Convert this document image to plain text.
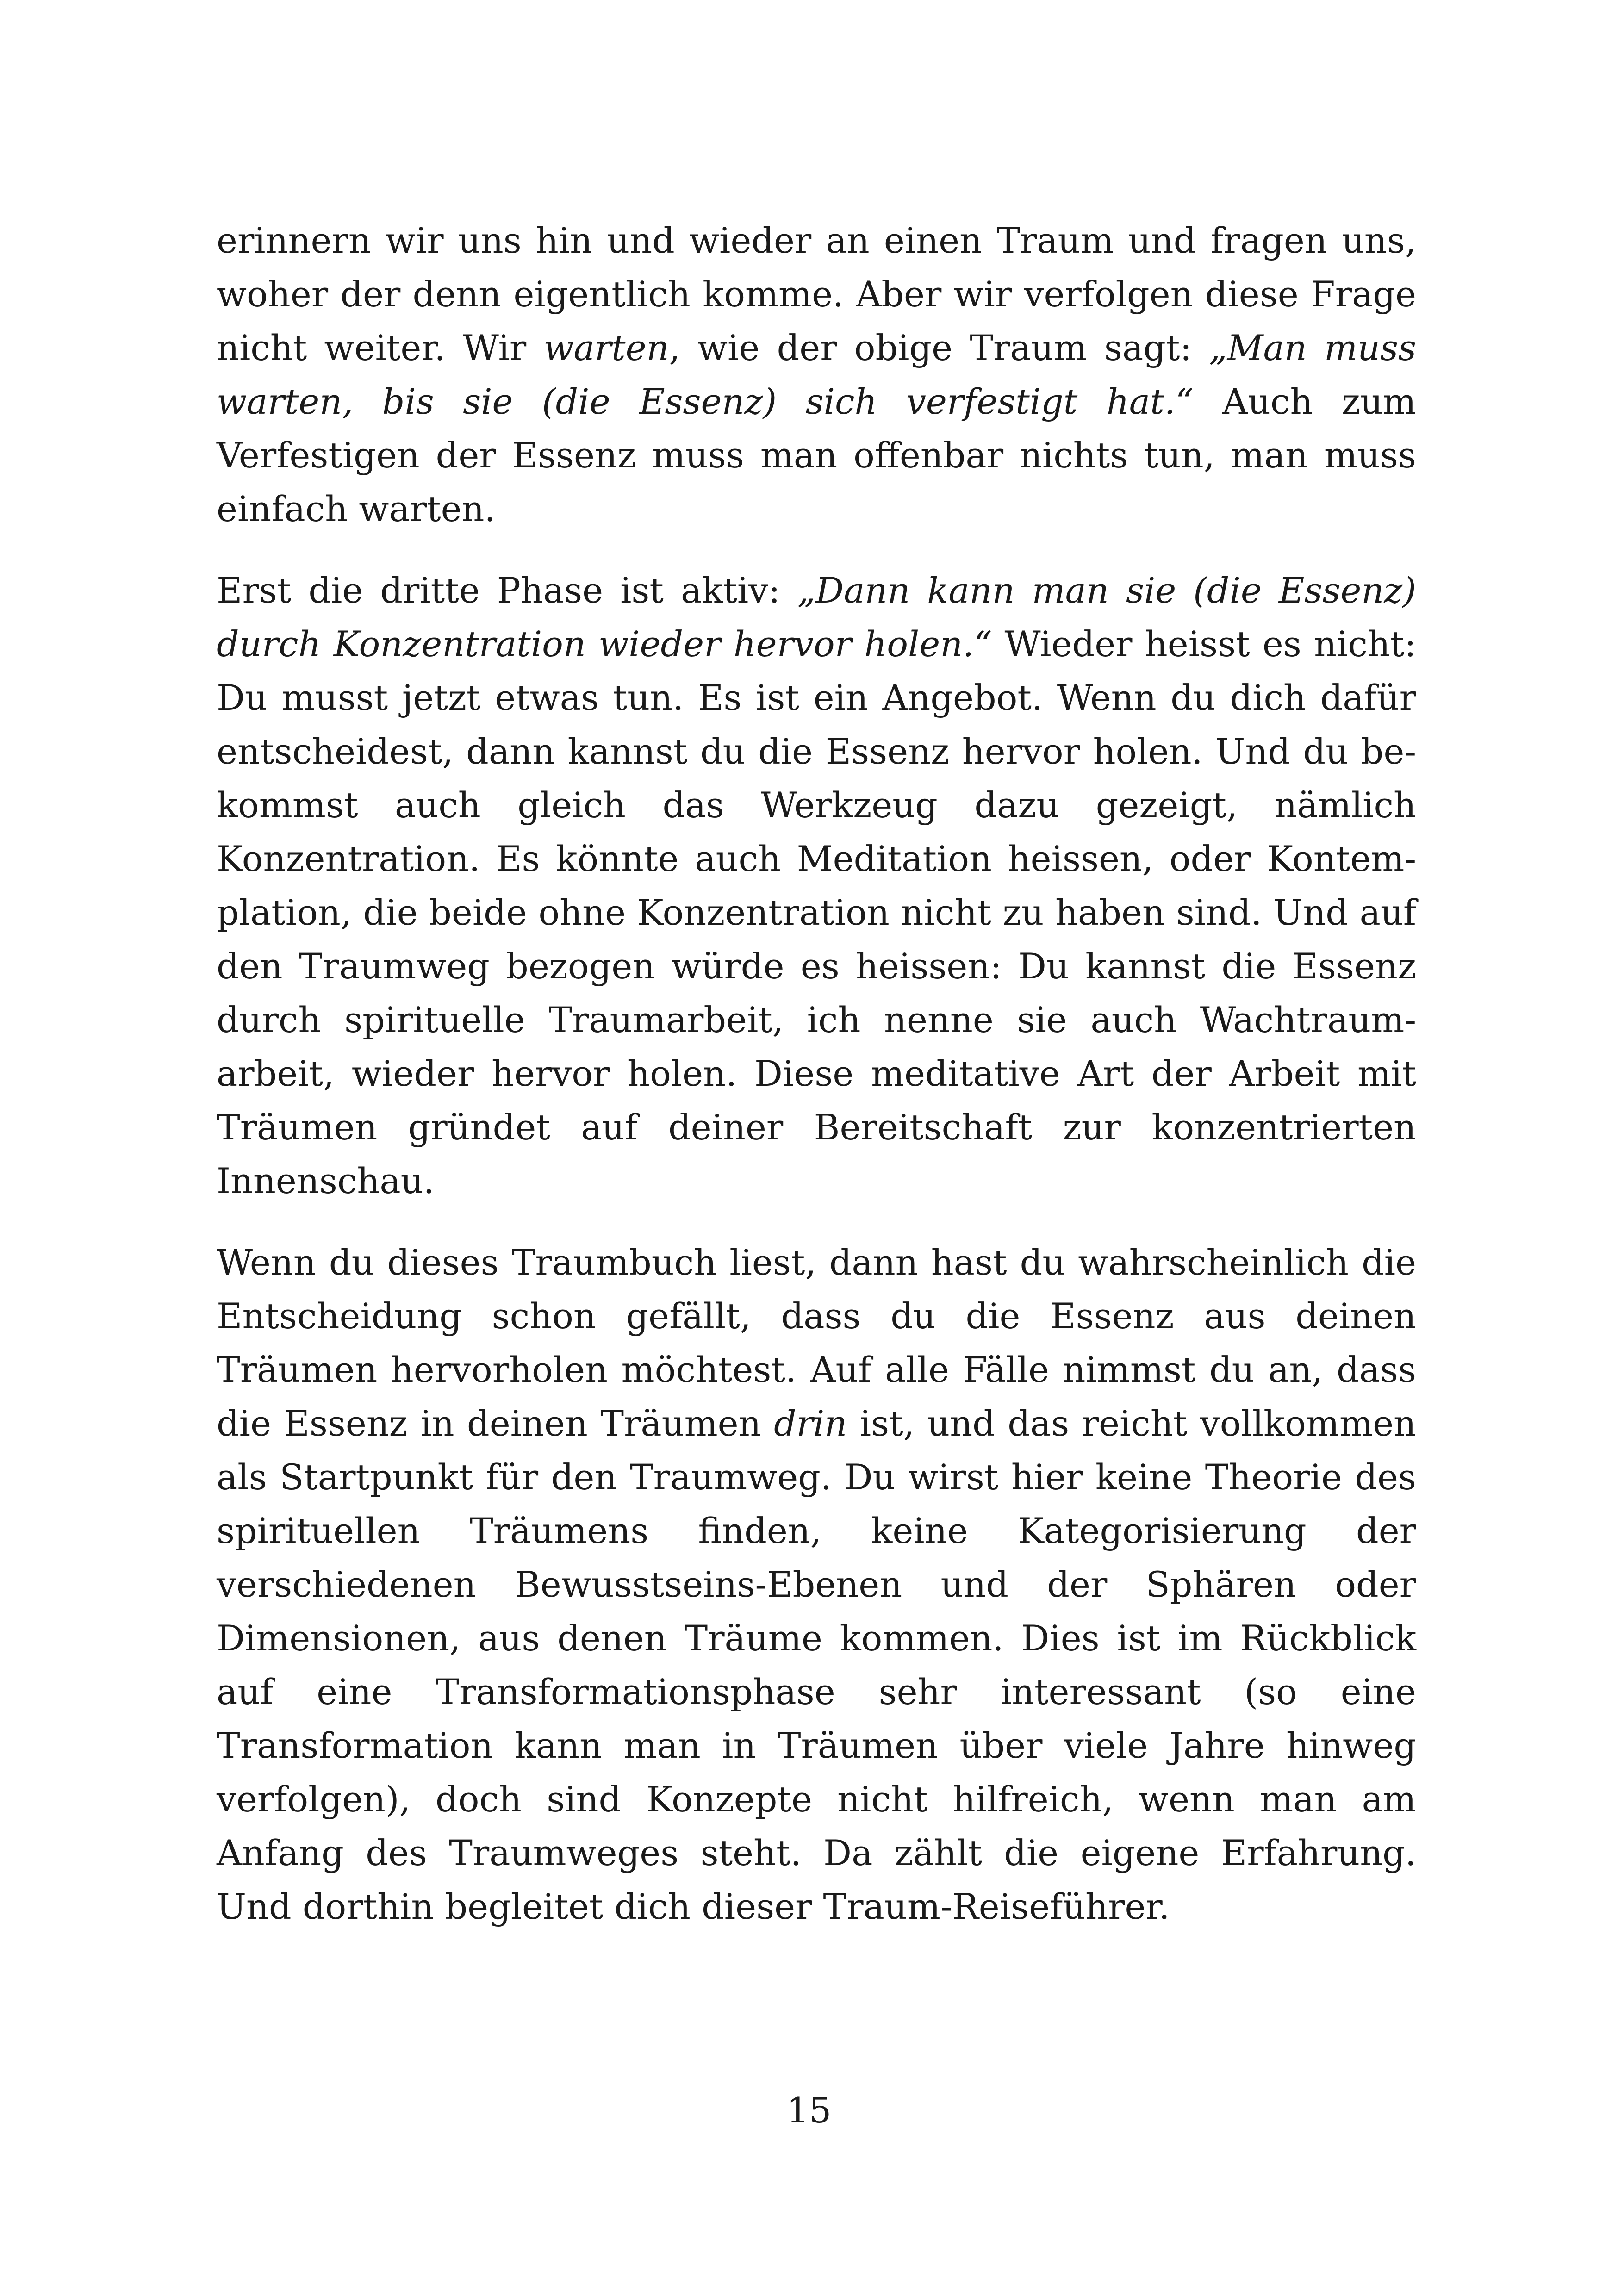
erinnern wir uns hin und wieder an einen Traum und fragen uns, woher der denn eigentlich komme. Aber wir verfolgen diese Frage nicht weiter. Wir warten, wie der obige Traum sagt: „Man muss warten, bis sie (die Essenz) sich verfestigt hat.“ Auch zum Verfestigen der Essenz muss man offenbar nichts tun, man muss einfach warten.

Erst die dritte Phase ist aktiv: „Dann kann man sie (die Essenz) durch Konzentration wieder hervor holen.“ Wieder heisst es nicht: Du musst jetzt etwas tun. Es ist ein Angebot. Wenn du dich dafür entscheidest, dann kannst du die Essenz hervor holen. Und du bekommst auch gleich das Werkzeug dazu gezeigt, nämlich Konzentration. Es könnte auch Meditation heissen, oder Kontemplation, die beide ohne Konzentration nicht zu haben sind. Und auf den Traumweg bezogen würde es heissen: Du kannst die Essenz durch spirituelle Traumarbeit, ich nenne sie auch Wachtraumarbeit, wieder hervor holen. Diese meditative Art der Arbeit mit Träumen gründet auf deiner Bereitschaft zur konzentrierten Innenschau.

Wenn du dieses Traumbuch liest, dann hast du wahrscheinlich die Entscheidung schon gefällt, dass du die Essenz aus deinen Träumen hervorholen möchtest. Auf alle Fälle nimmst du an, dass die Essenz in deinen Träumen drin ist, und das reicht vollkommen als Startpunkt für den Traumweg. Du wirst hier keine Theorie des spirituellen Träumens finden, keine Kategorisierung der verschiedenen Bewusstseins-Ebenen und der Sphären oder Dimensionen, aus denen Träume kommen. Dies ist im Rückblick auf eine Transformationsphase sehr interessant (so eine Transformation kann man in Träumen über viele Jahre hinweg verfolgen), doch sind Konzepte nicht hilfreich, wenn man am Anfang des Traumweges steht. Da zählt die eigene Erfahrung. Und dorthin begleitet dich dieser Traum-Reiseführer.

15
